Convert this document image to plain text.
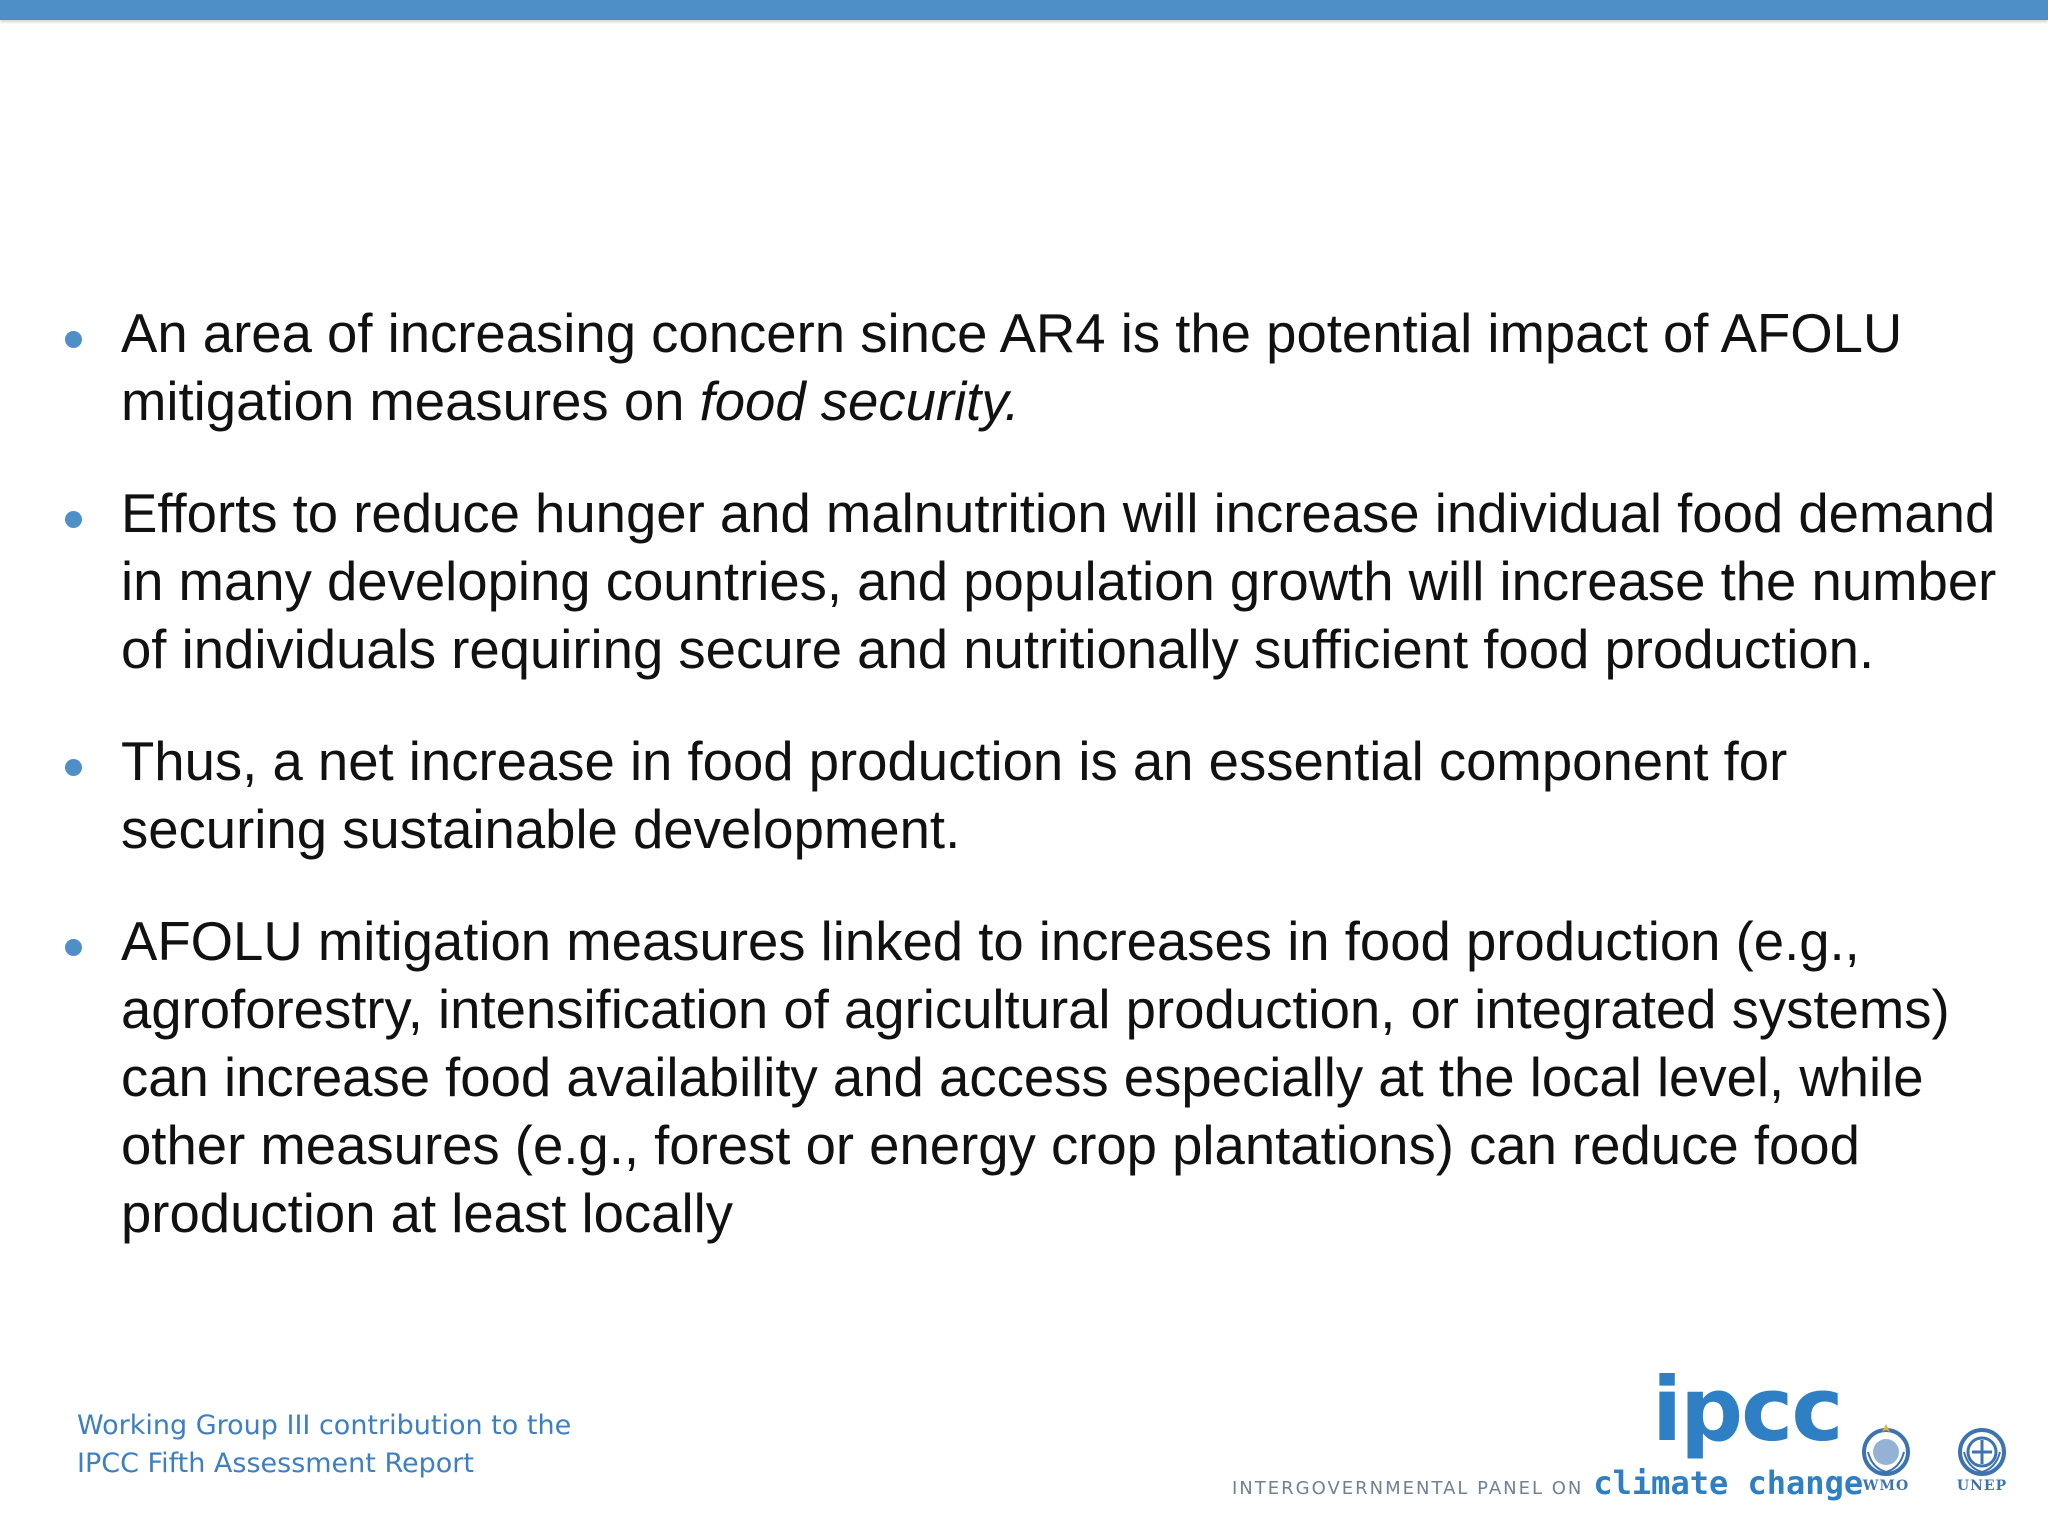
An area of increasing concern since AR4 is the potential impact of AFOLU mitigation measures on food security.
Efforts to reduce hunger and malnutrition will increase individual food demand in many developing countries, and population growth will increase the number of individuals requiring secure and nutritionally sufficient food production.
Thus, a net increase in food production is an essential component for securing sustainable development.
AFOLU mitigation measures linked to increases in food production (e.g., agroforestry, intensification of agricultural production, or integrated systems) can increase food availability and access especially at the local level, while other measures (e.g., forest or energy crop plantations) can reduce food production at least locally
Working Group III contribution to the
IPCC Fifth Assessment Report
ipcc
INTERGOVERNMENTAL PANEL ON climate change WMO	UNEP
